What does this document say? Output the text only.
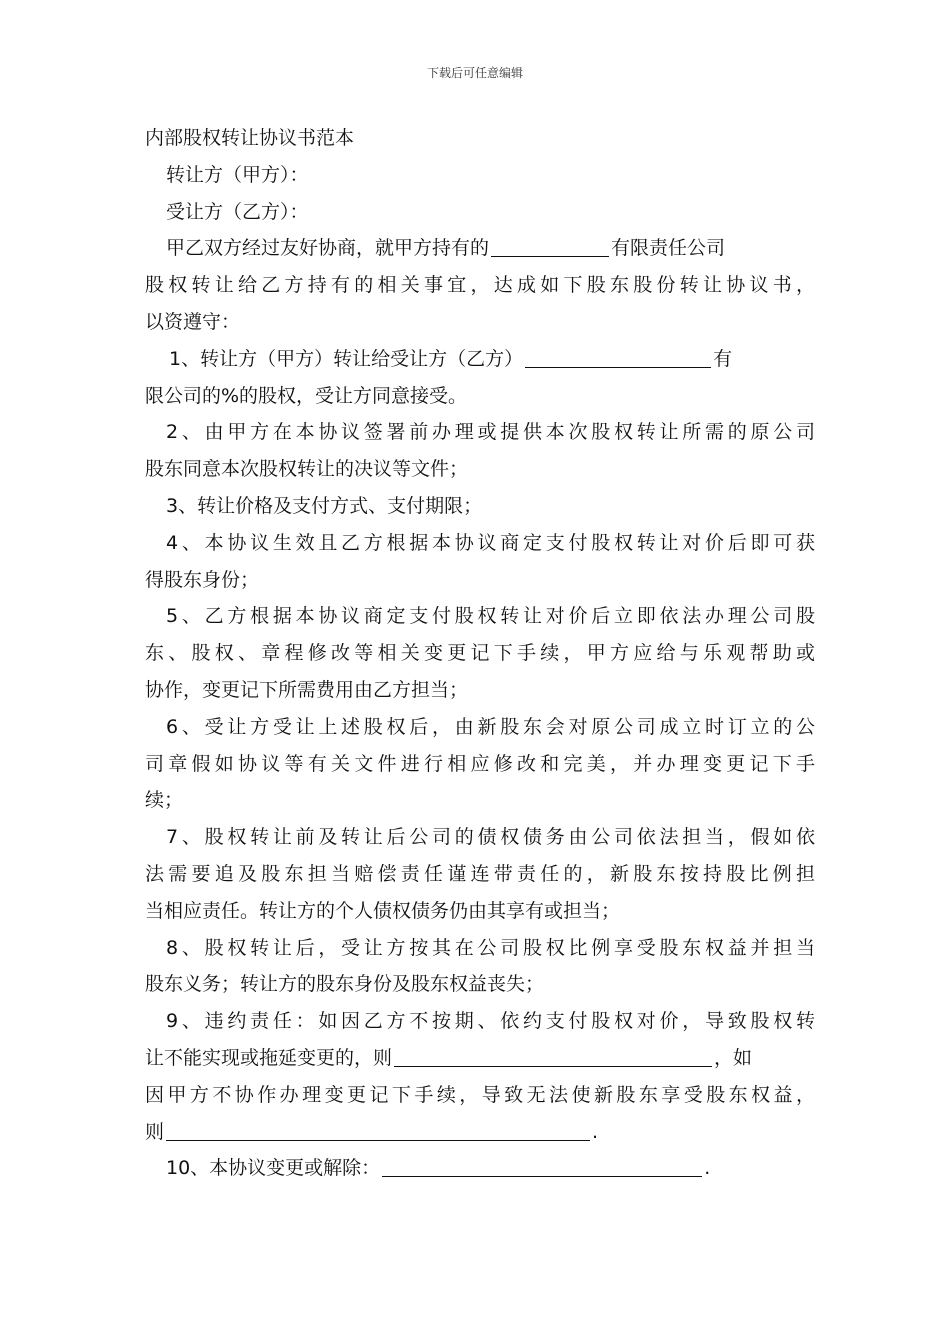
下载后可任意编辑
内部股权转让协议书范本
转让方（甲方）：
受让方（乙方）：
甲乙双方经过友好协商，就甲方持有的	有限责任公司
股权转让给乙方持有的相关事宜，达成如下股东股份转让协议书，
以资遵守：
1、转让方（甲方）转让给受让方（乙方）	有
限公司的%的股权，受让方同意接受。
2、由甲方在本协议签署前办理或提供本次股权转让所需的原公司
股东同意本次股权转让的决议等文件；
3、转让价格及支付方式、支付期限；
4、本协议生效且乙方根据本协议商定支付股权转让对价后即可获
得股东身份；
5、乙方根据本协议商定支付股权转让对价后立即依法办理公司股
东、股权、章程修改等相关变更记下手续，甲方应给与乐观帮助或
协作，变更记下所需费用由乙方担当；
6、受让方受让上述股权后，由新股东会对原公司成立时订立的公
司章假如协议等有关文件进行相应修改和完美，并办理变更记下手
续；
7、股权转让前及转让后公司的债权债务由公司依法担当，假如依
法需要追及股东担当赔偿责任谨连带责任的，新股东按持股比例担
当相应责任。转让方的个人债权债务仍由其享有或担当；
8、股权转让后，受让方按其在公司股权比例享受股东权益并担当
股东义务；转让方的股东身份及股东权益丧失；
9、违约责任：如因乙方不按期、依约支付股权对价，导致股权转
让不能实现或拖延变更的，则	，如
因甲方不协作办理变更记下手续，导致无法使新股东享受股东权益，
则	.
10、本协议变更或解除：	.
